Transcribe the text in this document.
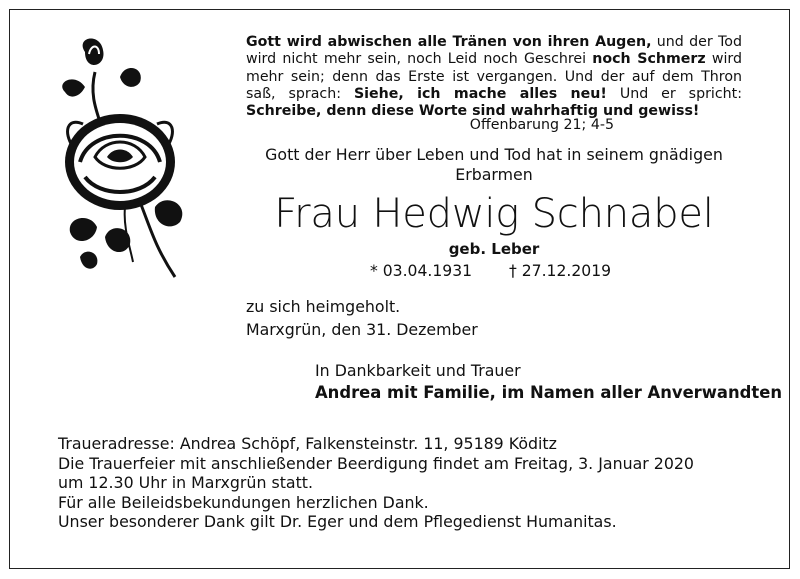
Gott wird abwischen alle Tränen von ihren Augen, und der Tod wird nicht mehr sein, noch Leid noch Geschrei noch Schmerz wird mehr sein; denn das Erste ist vergangen. Und der auf dem Thron saß, sprach: Siehe, ich mache alles neu! Und er spricht: Schreibe, denn diese Worte sind wahrhaftig und gewiss!
Offenbarung 21; 4-5
Gott der Herr über Leben und Tod hat in seinem gnädigen Erbarmen
Frau Hedwig Schnabel
geb. Leber
* 03.04.1931 † 27.12.2019
zu sich heimgeholt.
Marxgrün, den 31. Dezember
In Dankbarkeit und Trauer
Andrea mit Familie, im Namen aller Anverwandten
Traueradresse: Andrea Schöpf, Falkensteinstr. 11, 95189 Köditz
Die Trauerfeier mit anschließender Beerdigung findet am Freitag, 3. Januar 2020 um 12.30 Uhr in Marxgrün statt.
Für alle Beileidsbekundungen herzlichen Dank.
Unser besonderer Dank gilt Dr. Eger und dem Pflegedienst Humanitas.
